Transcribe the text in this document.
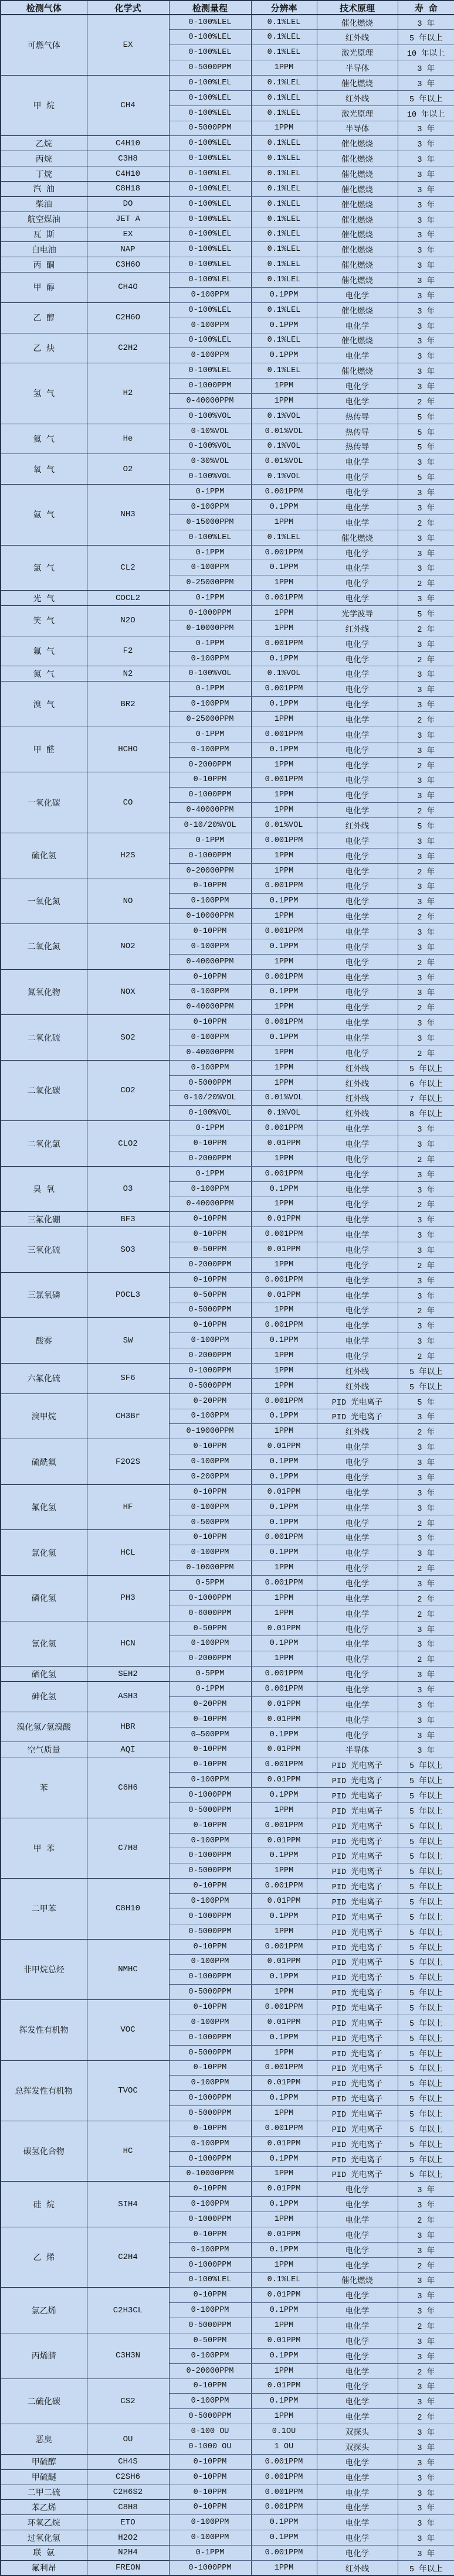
检测气体	化学式	检测量程	分辨率	技术原理	寿 命
可燃气体	EX	0-100%LEL	0.1%LEL	催化燃烧	3 年
		0-100%LEL	0.1%LEL	红外线	5 年以上
		0-100%LEL	0.1%LEL	激光原理	10 年以上
		0-5000PPM	1PPM	半导体	3 年
甲 烷	CH4	0-100%LEL	0.1%LEL	催化燃烧	3 年
		0-100%LEL	0.1%LEL	红外线	5 年以上
		0-100%LEL	0.1%LEL	激光原理	10 年以上
		0-5000PPM	1PPM	半导体	3 年
乙烷	C4H10	0-100%LEL	0.1%LEL	催化燃烧	3 年
丙烷	C3H8	0-100%LEL	0.1%LEL	催化燃烧	3 年
丁烷	C4H10	0-100%LEL	0.1%LEL	催化燃烧	3 年
汽 油	C8H18	0-100%LEL	0.1%LEL	催化燃烧	3 年
柴油	DO	0-100%LEL	0.1%LEL	催化燃烧	3 年
航空煤油	JET A	0-100%LEL	0.1%LEL	催化燃烧	3 年
瓦 斯	EX	0-100%LEL	0.1%LEL	催化燃烧	3 年
白电油	NAP	0-100%LEL	0.1%LEL	催化燃烧	3 年
丙 酮	C3H6O	0-100%LEL	0.1%LEL	催化燃烧	3 年
甲 醇	CH4O	0-100%LEL	0.1%LEL	催化燃烧	3 年
		0-100PPM	0.1PPM	电化学	3 年
乙 醇	C2H6O	0-100%LEL	0.1%LEL	催化燃烧	3 年
		0-100PPM	0.1PPM	电化学	3 年
乙 炔	C2H2	0-100%LEL	0.1%LEL	催化燃烧	3 年
		0-100PPM	0.1PPM	电化学	3 年
氢 气	H2	0-100%LEL	0.1%LEL	催化燃烧	3 年
		0-1000PPM	1PPM	电化学	3 年
		0-40000PPM	1PPM	电化学	2 年
		0-100%VOL	0.1%VOL	热传导	5 年
氦 气	He	0-10%VOL	0.01%VOL	热传导	5 年
		0-100%VOL	0.1%VOL	热传导	5 年
氧 气	O2	0-30%VOL	0.01%VOL	电化学	3 年
		0-100%VOL	0.1%VOL	电化学	5 年
氨 气	NH3	0-1PPM	0.001PPM	电化学	3 年
		0-100PPM	0.1PPM	电化学	3 年
		0-15000PPM	1PPM	电化学	2 年
		0-100%LEL	0.1%LEL	催化燃烧	3 年
氯 气	CL2	0-1PPM	0.001PPM	电化学	3 年
		0-100PPM	0.1PPM	电化学	3 年
		0-25000PPM	1PPM	电化学	2 年
光 气	COCL2	0-1PPM	0.001PPM	电化学	3 年
笑 气	N2O	0-1000PPM	1PPM	光学波导	5 年
		0-10000PPM	1PPM	红外线	2 年
氟 气	F2	0-1PPM	0.001PPM	电化学	3 年
		0-100PPM	0.1PPM	电化学	2 年
氮 气	N2	0-100%VOL	0.1%VOL	电化学	3 年
溴 气	BR2	0-1PPM	0.001PPM	电化学	3 年
		0-100PPM	0.1PPM	电化学	3 年
		0-25000PPM	1PPM	电化学	2 年
甲 醛	HCHO	0-1PPM	0.001PPM	电化学	3 年
		0-100PPM	0.1PPM	电化学	3 年
		0-2000PPM	1PPM	电化学	2 年
一氧化碳	CO	0-10PPM	0.001PPM	电化学	3 年
		0-1000PPM	1PPM	电化学	3 年
		0-40000PPM	1PPM	电化学	2 年
		0-10/20%VOL	0.01%VOL	红外线	5 年
硫化氢	H2S	0-1PPM	0.001PPM	电化学	3 年
		0-1000PPM	1PPM	电化学	3 年
		0-20000PPM	1PPM	电化学	2 年
一氧化氮	NO	0-10PPM	0.001PPM	电化学	3 年
		0-100PPM	0.1PPM	电化学	3 年
		0-10000PPM	1PPM	电化学	2 年
二氧化氮	NO2	0-10PPM	0.001PPM	电化学	3 年
		0-100PPM	0.1PPM	电化学	3 年
		0-40000PPM	1PPM	电化学	2 年
氮氧化物	NOX	0-10PPM	0.001PPM	电化学	3 年
		0-100PPM	0.1PPM	电化学	3 年
		0-40000PPM	1PPM	电化学	2 年
二氧化硫	SO2	0-10PPM	0.001PPM	电化学	3 年
		0-100PPM	0.1PPM	电化学	3 年
		0-40000PPM	1PPM	电化学	2 年
二氧化碳	CO2	0-100PPM	1PPM	红外线	5 年以上
		0-5000PPM	1PPM	红外线	6 年以上
		0-10/20%VOL	0.01%VOL	红外线	7 年以上
		0-100%VOL	0.1%VOL	红外线	8 年以上
二氧化氯	CLO2	0-1PPM	0.001PPM	电化学	3 年
		0-10PPM	0.01PPM	电化学	3 年
		0-2000PPM	1PPM	电化学	2 年
臭 氧	O3	0-1PPM	0.001PPM	电化学	3 年
		0-100PPM	0.1PPM	电化学	3 年
		0-40000PPM	1PPM	电化学	2 年
三氟化硼	BF3	0-10PPM	0.01PPM	电化学	3 年
三氧化硫	SO3	0-10PPM	0.001PPM	电化学	3 年
		0-50PPM	0.01PPM	电化学	3 年
		0-2000PPM	1PPM	电化学	2 年
三氯氧磷	POCL3	0-10PPM	0.001PPM	电化学	3 年
		0-50PPM	0.01PPM	电化学	3 年
		0-5000PPM	1PPM	电化学	2 年
酸雾	SW	0-10PPM	0.001PPM	电化学	3 年
		0-100PPM	0.1PPM	电化学	3 年
		0-2000PPM	1PPM	电化学	2 年
六氟化硫	SF6	0-1000PPM	1PPM	红外线	5 年以上
		0-5000PPM	1PPM	红外线	5 年以上
溴甲烷	CH3Br	0-20PPM	0.001PPM	PID 光电离子	5 年
		0-100PPM	0.1PPM	PID 光电离子	3 年
		0-19000PPM	1PPM	红外线	2 年
硫酰氟	F2O2S	0-10PPM	0.01PPM	电化学	3 年
		0-100PPM	0.1PPM	电化学	3 年
		0-200PPM	0.1PPM	电化学	3 年
氟化氢	HF	0-10PPM	0.01PPM	电化学	3 年
		0-100PPM	0.1PPM	电化学	3 年
		0-500PPM	0.1PPM	电化学	2 年
氯化氢	HCL	0-10PPM	0.001PPM	电化学	3 年
		0-100PPM	0.1PPM	电化学	3 年
		0-10000PPM	1PPM	电化学	2 年
磷化氢	PH3	0-5PPM	0.001PPM	电化学	3 年
		0-1000PPM	1PPM	电化学	2 年
		0-6000PPM	1PPM	电化学	2 年
氰化氢	HCN	0-50PPM	0.01PPM	电化学	3 年
		0-100PPM	0.1PPM	电化学	3 年
		0-2000PPM	1PPM	电化学	2 年
硒化氢	SEH2	0-5PPM	0.001PPM	电化学	3 年
砷化氢	ASH3	0-1PPM	0.001PPM	电化学	3 年
		0-20PPM	0.01PPM	电化学	3 年
溴化氢/氢溴酸	HBR	0—10PPM	0.01PPM	电化学	3 年
		0—500PPM	0.1PPM	电化学	3 年
空气质量	AQI	0-10PPM	0.01PPM	半导体	3 年
苯	C6H6	0-10PPM	0.001PPM	PID 光电离子	5 年以上
		0-100PPM	0.01PPM	PID 光电离子	5 年以上
		0-1000PPM	0.1PPM	PID 光电离子	5 年以上
		0-5000PPM	1PPM	PID 光电离子	5 年以上
甲 苯	C7H8	0-10PPM	0.001PPM	PID 光电离子	5 年以上
		0-100PPM	0.01PPM	PID 光电离子	5 年以上
		0-1000PPM	0.1PPM	PID 光电离子	5 年以上
		0-5000PPM	1PPM	PID 光电离子	5 年以上
二甲苯	C8H10	0-10PPM	0.001PPM	PID 光电离子	5 年以上
		0-100PPM	0.01PPM	PID 光电离子	5 年以上
		0-1000PPM	0.1PPM	PID 光电离子	5 年以上
		0-5000PPM	1PPM	PID 光电离子	5 年以上
非甲烷总烃	NMHC	0-10PPM	0.001PPM	PID 光电离子	5 年以上
		0-100PPM	0.01PPM	PID 光电离子	5 年以上
		0-1000PPM	0.1PPM	PID 光电离子	5 年以上
		0-5000PPM	1PPM	PID 光电离子	5 年以上
挥发性有机物	VOC	0-10PPM	0.001PPM	PID 光电离子	5 年以上
		0-100PPM	0.01PPM	PID 光电离子	5 年以上
		0-1000PPM	0.1PPM	PID 光电离子	5 年以上
		0-5000PPM	1PPM	PID 光电离子	5 年以上
总挥发性有机物	TVOC	0-10PPM	0.001PPM	PID 光电离子	5 年以上
		0-100PPM	0.01PPM	PID 光电离子	5 年以上
		0-1000PPM	0.1PPM	PID 光电离子	5 年以上
		0-5000PPM	1PPM	PID 光电离子	5 年以上
碳氢化合物	HC	0-10PPM	0.001PPM	PID 光电离子	5 年以上
		0-100PPM	0.01PPM	PID 光电离子	5 年以上
		0-1000PPM	0.1PPM	PID 光电离子	5 年以上
		0-10000PPM	1PPM	PID 光电离子	5 年以上
硅 烷	SIH4	0-10PPM	0.01PPM	电化学	3 年
		0-100PPM	0.1PPM	电化学	3 年
		0-1000PPM	1PPM	电化学	2 年
乙 烯	C2H4	0-10PPM	0.01PPM	电化学	3 年
		0-100PPM	0.1PPM	电化学	3 年
		0-1000PPM	1PPM	电化学	2 年
		0-100%LEL	0.1%LEL	催化燃烧	3 年
氯乙烯	C2H3CL	0-10PPM	0.01PPM	电化学	3 年
		0-100PPM	0.1PPM	电化学	3 年
		0-5000PPM	1PPM	电化学	2 年
丙烯腈	C3H3N	0-50PPM	0.01PPM	电化学	3 年
		0-100PPM	0.1PPM	电化学	3 年
		0-20000PPM	1PPM	电化学	2 年
二硫化碳	CS2	0-10PPM	0.01PPM	电化学	3 年
		0-100PPM	0.1PPM	电化学	3 年
		0-5000PPM	1PPM	电化学	2 年
恶臭	OU	0-100 OU	0.1OU	双探头	3 年
		0-1000 OU	1 OU	双探头	3 年
甲硫醇	CH4S	0-10PPM	0.001PPM	电化学	3 年
甲硫醚	C2SH6	0-10PPM	0.001PPM	电化学	3 年
二甲二硫	C2H6S2	0-10PPM	0.001PPM	电化学	3 年
苯乙烯	C8H8	0-10PPM	0.001PPM	电化学	3 年
环氧乙烷	ETO	0-100PPM	0.1PPM	电化学	3 年
过氧化氢	H2O2	0-100PPM	0.1PPM	电化学	3 年
联 氨	N2H4	0-1PPM	0.001PPM	电化学	3 年
氟利昂	FREON	0-1000PPM	1PPM	红外线	5 年以上
